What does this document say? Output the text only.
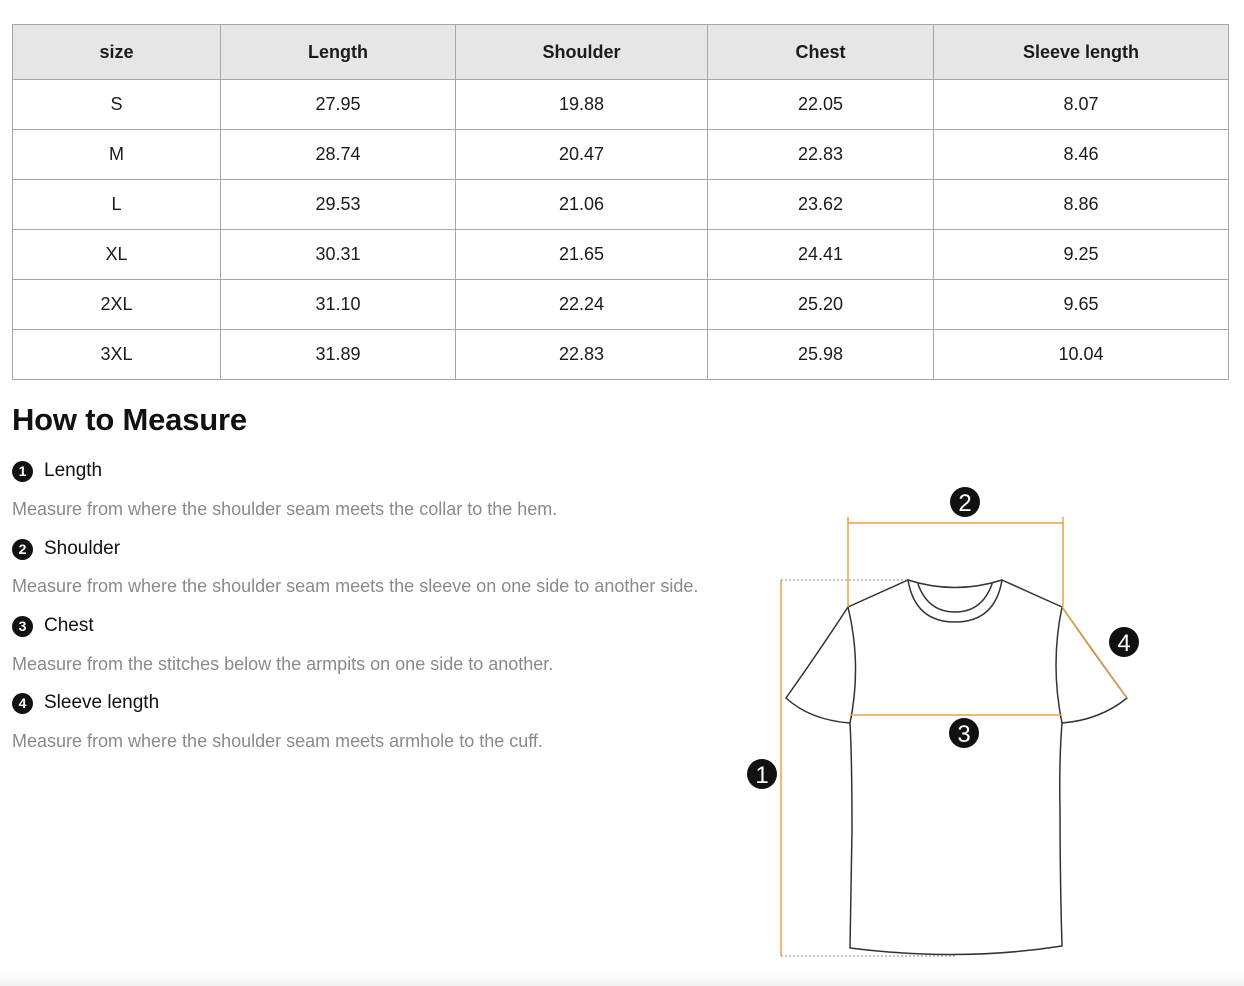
size	Length	Shoulder	Chest	Sleeve length
S	27.95	19.88	22.05	8.07
M	28.74	20.47	22.83	8.46
L	29.53	21.06	23.62	8.86
XL	30.31	21.65	24.41	9.25
2XL	31.10	22.24	25.20	9.65
3XL	31.89	22.83	25.98	10.04
How to Measure
1 Length
Measure from where the shoulder seam meets the collar to the hem.
2 Shoulder
Measure from where the shoulder seam meets the sleeve on one side to another side.
3 Chest
Measure from the stitches below the armpits on one side to another.
4 Sleeve length
Measure from where the shoulder seam meets armhole to the cuff.
1
2
3
4
